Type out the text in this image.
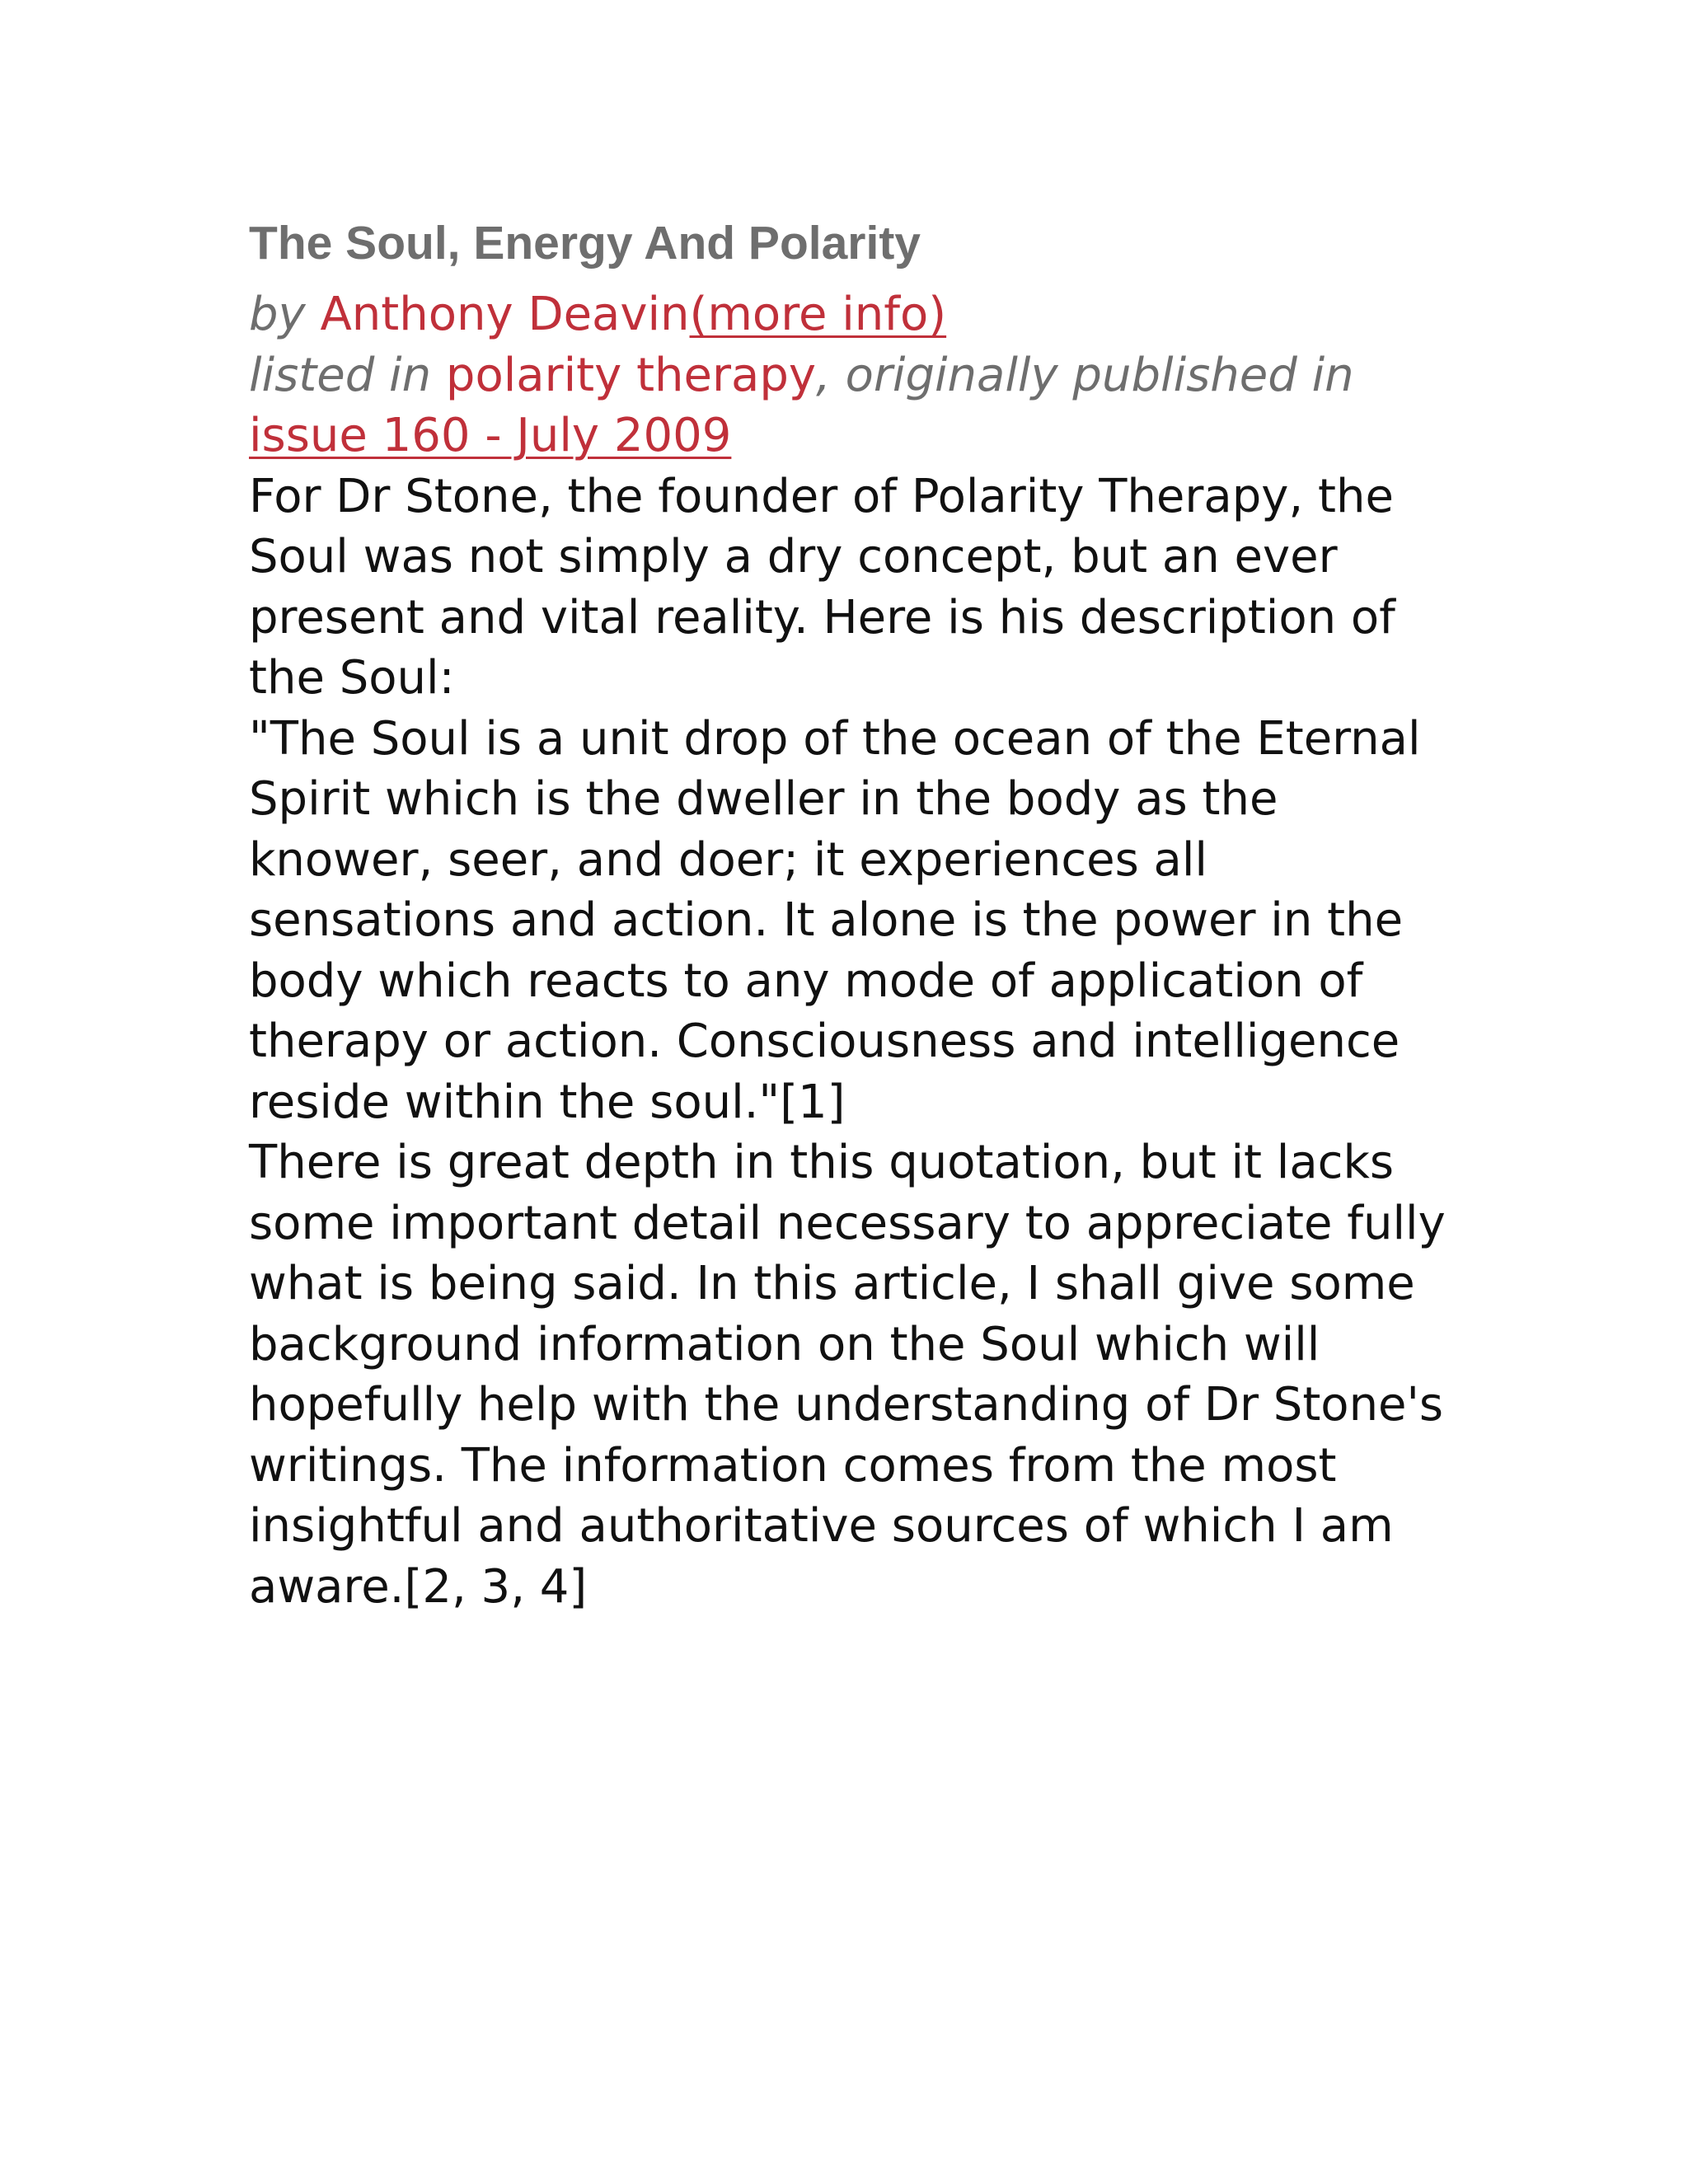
The Soul, Energy And Polarity

by Anthony Deavin(more info)

listed in polarity therapy, originally published in issue 160 - July 2009

For Dr Stone, the founder of Polarity Therapy, the Soul was not simply a dry concept, but an ever present and vital reality. Here is his description of the Soul:

"The Soul is a unit drop of the ocean of the Eternal Spirit which is the dweller in the body as the knower, seer, and doer; it experiences all sensations and action. It alone is the power in the body which reacts to any mode of application of therapy or action. Consciousness and intelligence reside within the soul."[1]

There is great depth in this quotation, but it lacks some important detail necessary to appreciate fully what is being said. In this article, I shall give some background information on the Soul which will hopefully help with the understanding of Dr Stone's writings. The information comes from the most insightful and authoritative sources of which I am aware.[2, 3, 4]
